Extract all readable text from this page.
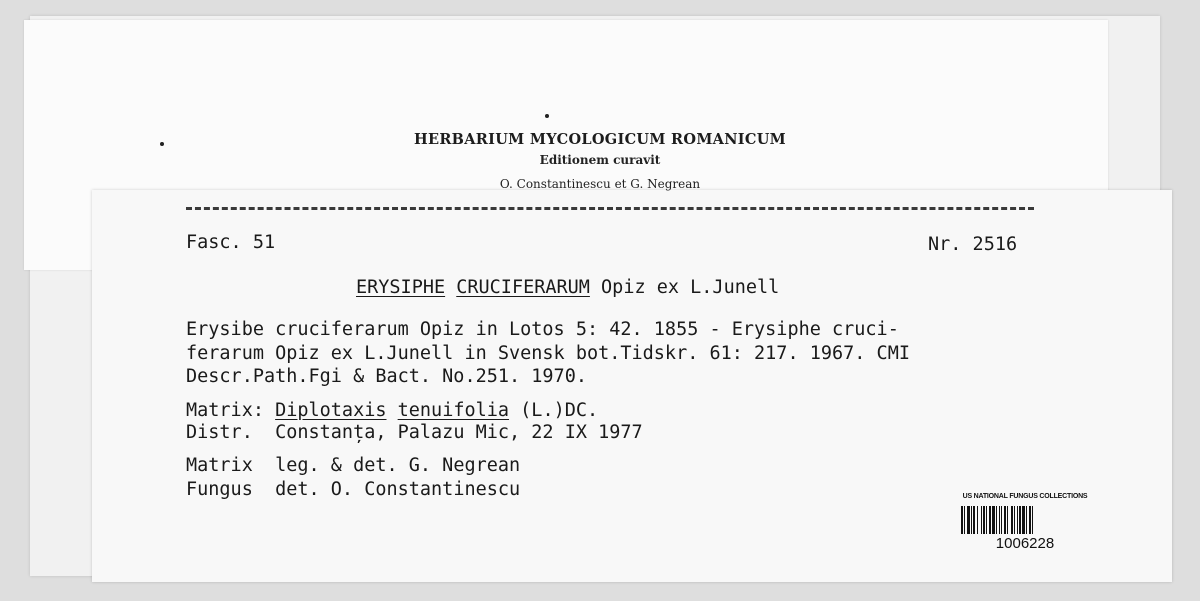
HERBARIUM MYCOLOGICUM ROMANICUM
Editionem curavit
O. Constantinescu et G. Negrean
Fasc. 51	Nr. 2516
ERYSIPHE CRUCIFERARUM Opiz ex L.Junell
Erysibe cruciferarum Opiz in Lotos 5: 42. 1855 - Erysiphe cruci-
ferarum Opiz ex L.Junell in Svensk bot.Tidskr. 61: 217. 1967. CMI
Descr.Path.Fgi & Bact. No.251. 1970.
Matrix: Diplotaxis tenuifolia (L.)DC.
Distr. Constanța, Palazu Mic, 22 IX 1977
Matrix leg. & det. G. Negrean
Fungus det. O. Constantinescu	US NATIONAL FUNGUS COLLECTIONS
1006228
